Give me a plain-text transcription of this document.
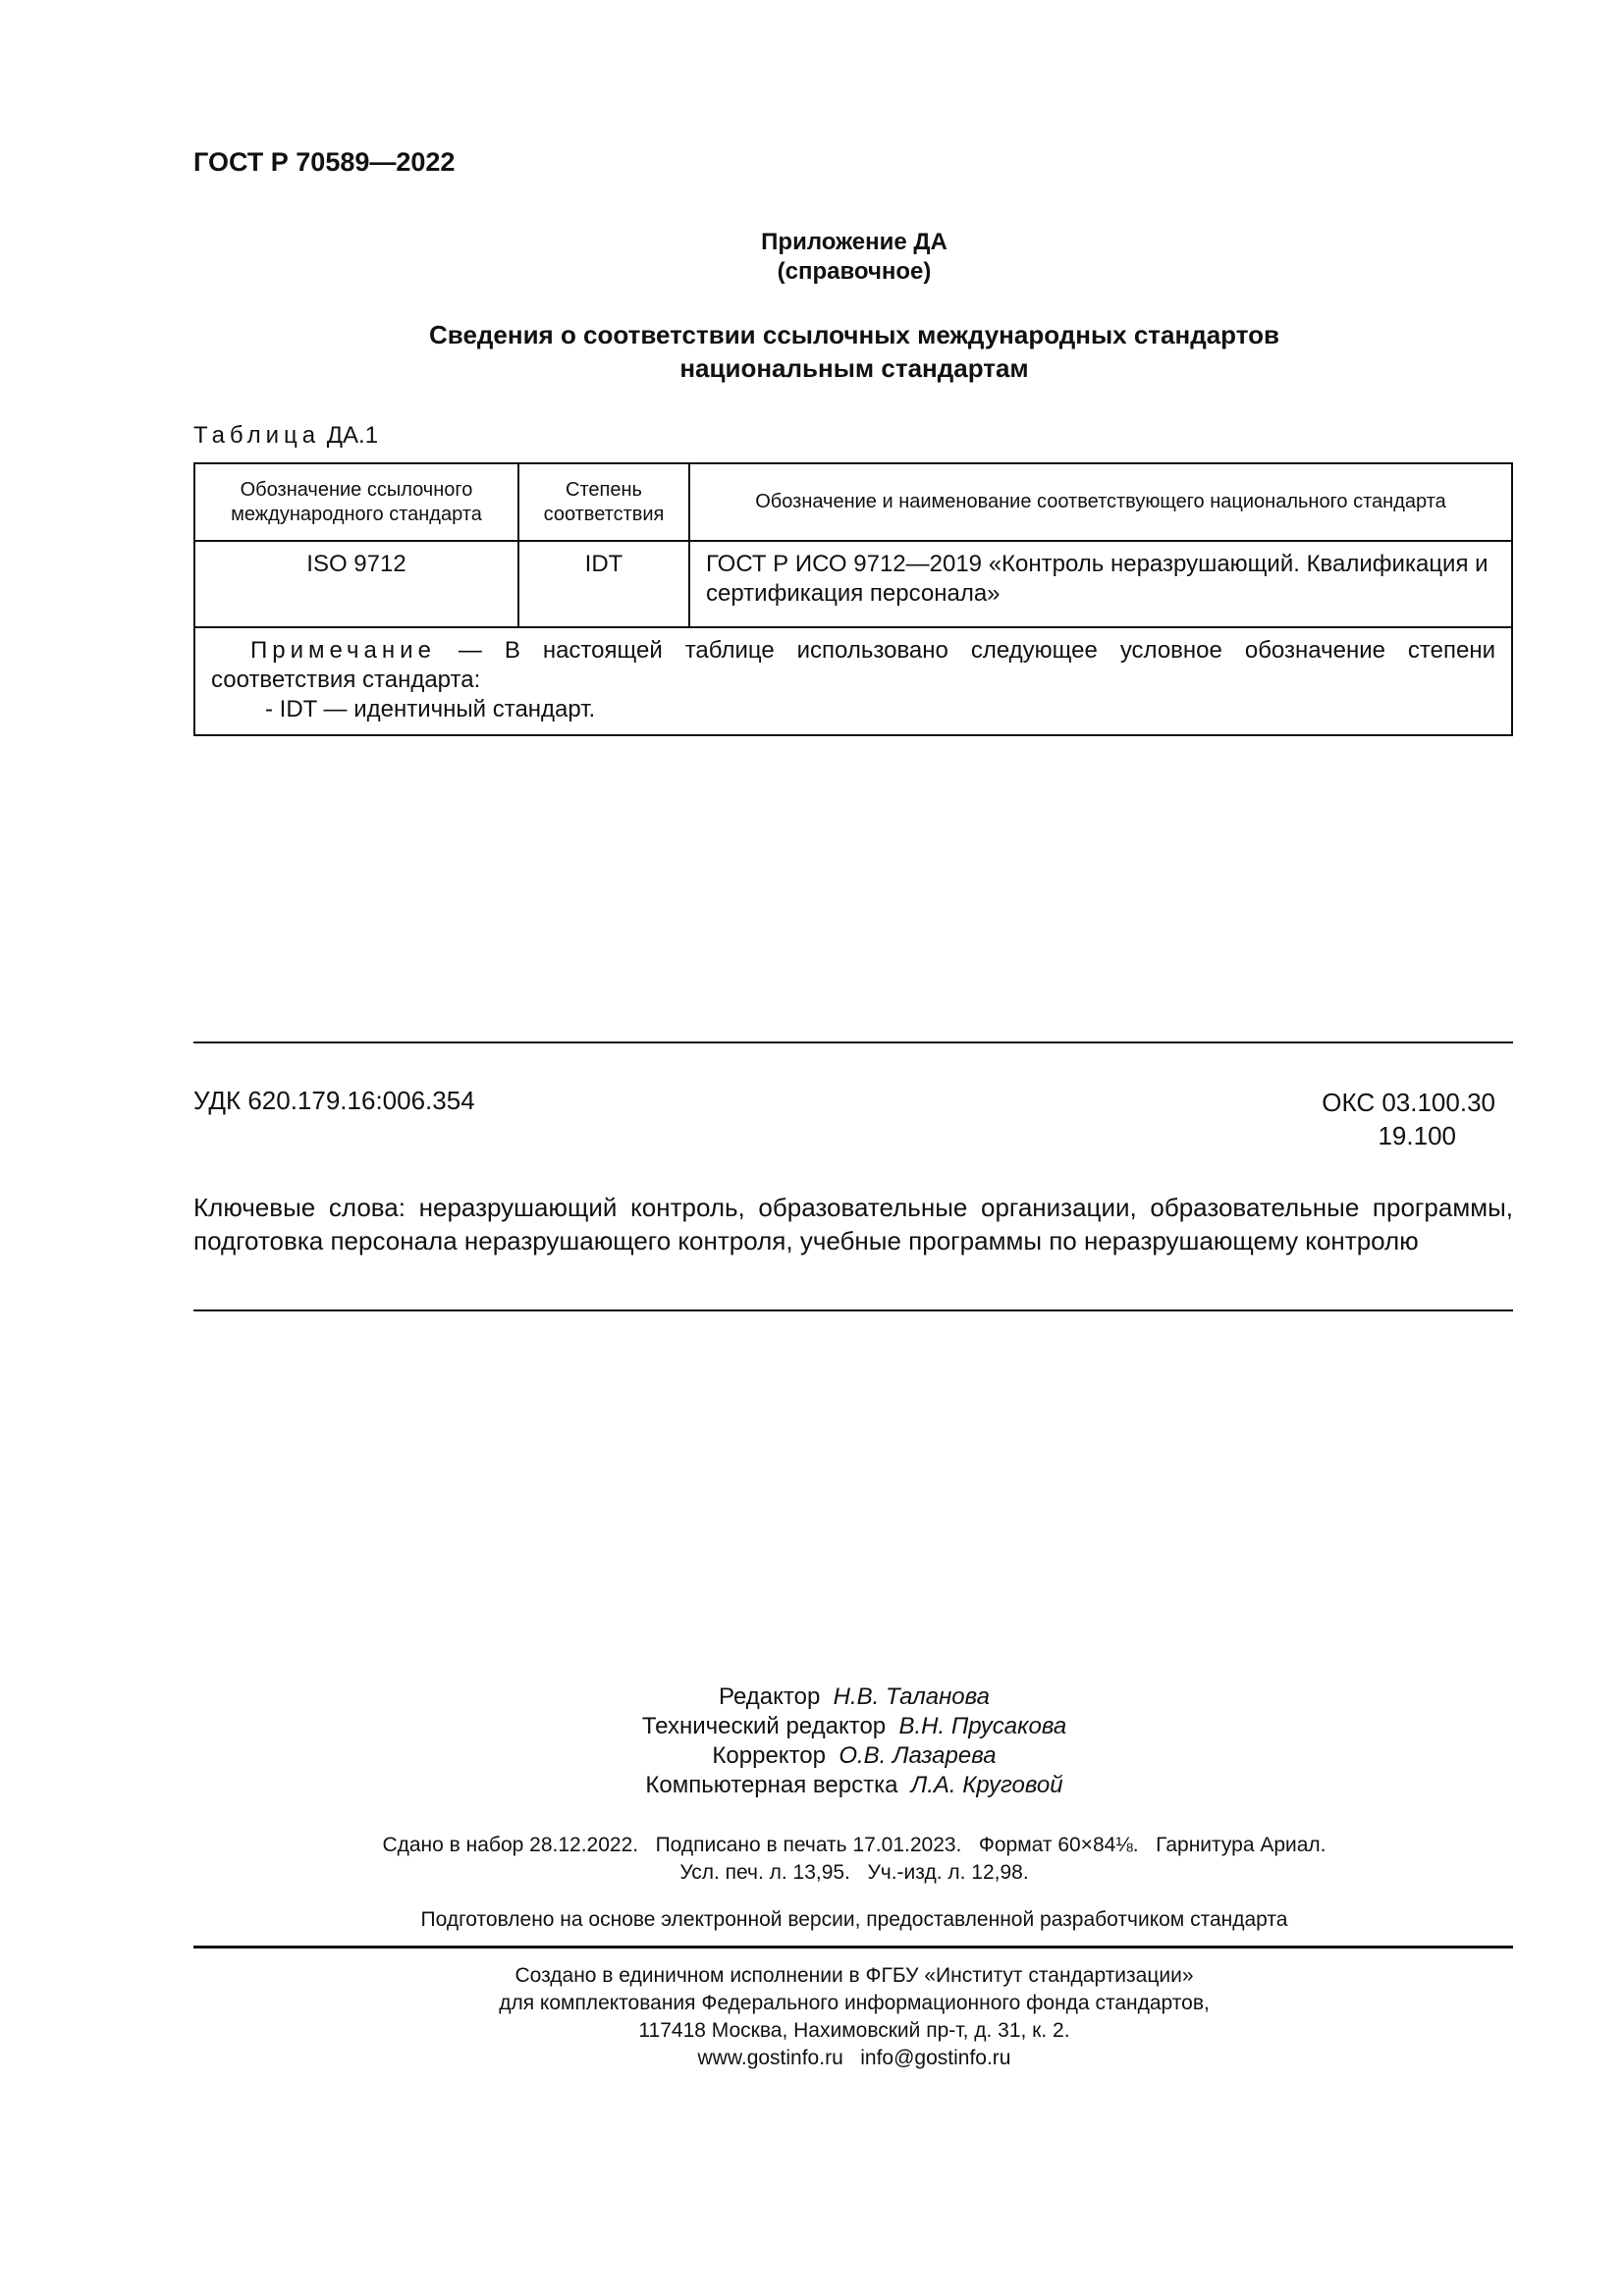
ГОСТ Р 70589—2022
Приложение ДА
(справочное)
Сведения о соответствии ссылочных международных стандартов
национальным стандартам
Таблица ДА.1
Обозначение ссылочного международного стандарта	Степень соответствия	Обозначение и наименование соответствующего национального стандарта
ISO 9712	IDT	ГОСТ Р ИСО 9712—2019 «Контроль неразрушающий. Квалификация и сертификация персонала»

Примечание — В настоящей таблице использовано следующее условное обозначение степени соответствия стандарта:
- IDT — идентичный стандарт.		
УДК 620.179.16:006.354	ОКС 03.100.30
19.100
Ключевые слова: неразрушающий контроль, образовательные организации, образовательные программы, подготовка персонала неразрушающего контроля, учебные программы по неразрушающему контролю
Редактор Н.В. Таланова
Технический редактор В.Н. Прусакова
Корректор О.В. Лазарева
Компьютерная верстка Л.А. Круговой
Сдано в набор 28.12.2022.   Подписано в печать 17.01.2023.   Формат 60×84⅛.   Гарнитура Ариал.
Усл. печ. л. 13,95.   Уч.-изд. л. 12,98.
Подготовлено на основе электронной версии, предоставленной разработчиком стандарта
Создано в единичном исполнении в ФГБУ «Институт стандартизации»
для комплектования Федерального информационного фонда стандартов,
117418 Москва, Нахимовский пр-т, д. 31, к. 2.
www.gostinfo.ru   info@gostinfo.ru
